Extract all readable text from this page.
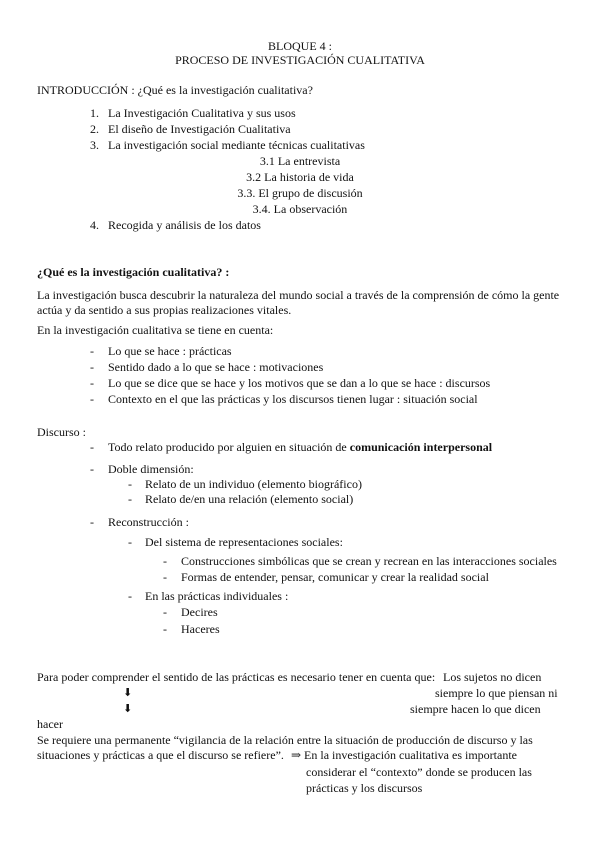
BLOQUE 4 :
PROCESO DE INVESTIGACIÓN CUALITATIVA
INTRODUCCIÓN : ¿Qué es la investigación cualitativa?
1. La Investigación Cualitativa y sus usos
2. El diseño de Investigación Cualitativa
3. La investigación social mediante técnicas cualitativas
3.1 La entrevista
3.2 La historia de vida
3.3. El grupo de discusión
3.4. La observación
4. Recogida y análisis de los datos
¿Qué es la investigación cualitativa? :
La investigación busca descubrir la naturaleza del mundo social a través de la comprensión de cómo la gente
actúa y da sentido a sus propias realizaciones vitales.
En la investigación cualitativa se tiene en cuenta:
- Lo que se hace : prácticas
- Sentido dado a lo que se hace : motivaciones
- Lo que se dice que se hace y los motivos que se dan a lo que se hace : discursos
- Contexto en el que las prácticas y los discursos tienen lugar : situación social
Discurso :
- Todo relato producido por alguien en situación de comunicación interpersonal
- Doble dimensión:
- Relato de un individuo (elemento biográfico)
- Relato de/en una relación (elemento social)
- Reconstrucción :
- Del sistema de representaciones sociales:
- Construcciones simbólicas que se crean y recrean en las interacciones sociales
- Formas de entender, pensar, comunicar y crear la realidad social
- En las prácticas individuales :
- Decires
- Haceres
Para poder comprender el sentido de las prácticas es necesario tener en cuenta que: Los sujetos no dicen
⬇	siempre lo que piensan ni
⬇	siempre hacen lo que dicen
hacer
Se requiere una permanente “vigilancia de la relación entre la situación de producción de discurso y las
situaciones y prácticas a que el discurso se refiere”. ⇒ En la investigación cualitativa es importante
considerar el “contexto” donde se producen las
prácticas y los discursos
